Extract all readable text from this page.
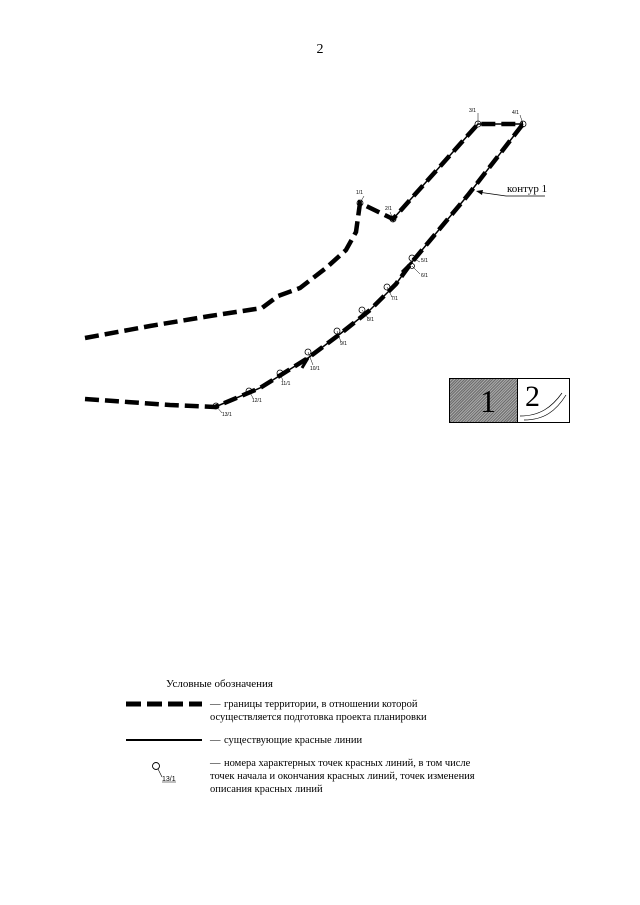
2
контур 1
1/1
2/1
3/1	4/1
5/1
6/1
7/1
8/1
9/1
10/1
11/1
12/1
13/1	1 2
Условные обозначения
— границы территории, в отношении которой осуществляется подготовка проекта планировки
— существующие красные линии
13/1
— номера характерных точек красных линий, в том числе точек начала и окончания красных линий, точек изменения описания красных линий
